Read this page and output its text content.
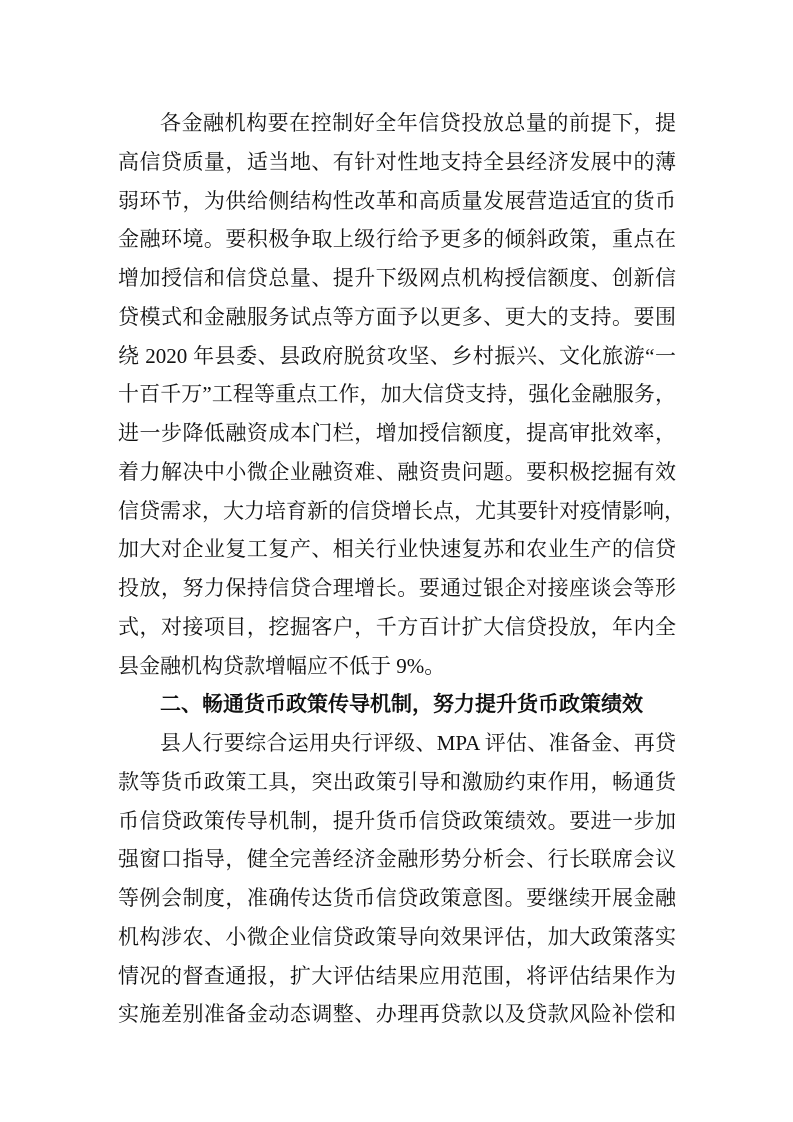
各金融机构要在控制好全年信贷投放总量的前提下，提
高信贷质量，适当地、有针对性地支持全县经济发展中的薄
弱环节，为供给侧结构性改革和高质量发展营造适宜的货币
金融环境。要积极争取上级行给予更多的倾斜政策，重点在
增加授信和信贷总量、提升下级网点机构授信额度、创新信
贷模式和金融服务试点等方面予以更多、更大的支持。要围
绕 2020 年县委、县政府脱贫攻坚、乡村振兴、文化旅游“一
十百千万”工程等重点工作，加大信贷支持，强化金融服务，
进一步降低融资成本门栏，增加授信额度，提高审批效率，
着力解决中小微企业融资难、融资贵问题。要积极挖掘有效
信贷需求，大力培育新的信贷增长点，尤其要针对疫情影响，
加大对企业复工复产、相关行业快速复苏和农业生产的信贷
投放，努力保持信贷合理增长。要通过银企对接座谈会等形
式，对接项目，挖掘客户，千方百计扩大信贷投放，年内全
县金融机构贷款增幅应不低于 9%。
二、畅通货币政策传导机制，努力提升货币政策绩效
县人行要综合运用央行评级、MPA 评估、准备金、再贷
款等货币政策工具，突出政策引导和激励约束作用，畅通货
币信贷政策传导机制，提升货币信贷政策绩效。要进一步加
强窗口指导，健全完善经济金融形势分析会、行长联席会议
等例会制度，准确传达货币信贷政策意图。要继续开展金融
机构涉农、小微企业信贷政策导向效果评估，加大政策落实
情况的督查通报，扩大评估结果应用范围，将评估结果作为
实施差别准备金动态调整、办理再贷款以及贷款风险补偿和
